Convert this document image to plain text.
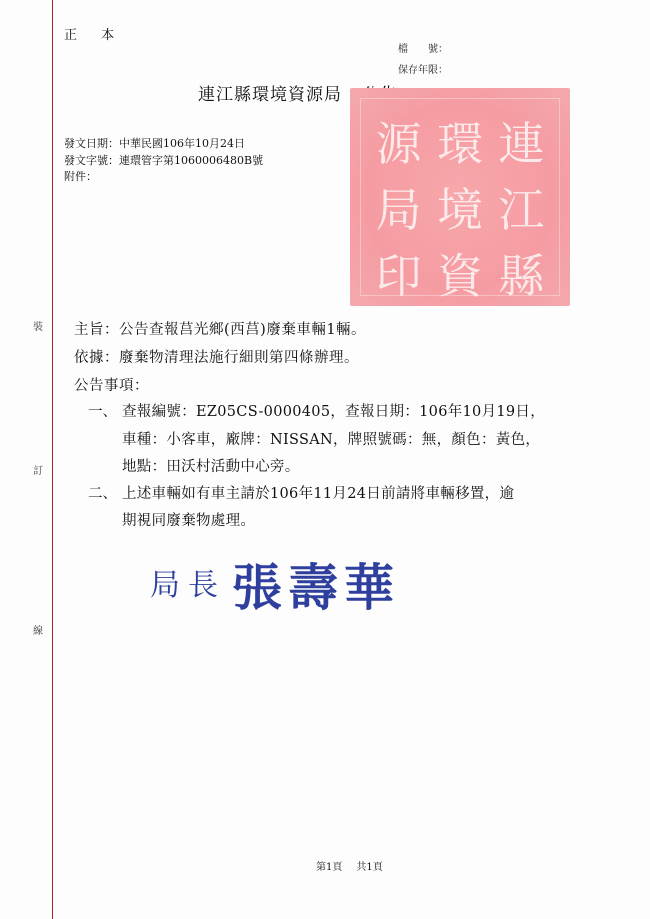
裝
訂
線
正 本
檔　　號：
保存年限：
連江縣環境資源局
發文日期：中華民國106年10月24日
發文字號：連環管字第1060006480B號
附件：
連
江
縣
環
境
資
源
局
印
主旨：公告查報莒光鄉(西莒)廢棄車輛1輛。
依據：廢棄物清理法施行細則第四條辦理。
公告事項：
一、 查報編號：EZ05CS-0000405，查報日期：106年10月19日，
車種：小客車，廠牌：NISSAN，牌照號碼：無，顏色：黃色，
地點：田沃村活動中心旁。
二、 上述車輛如有車主請於106年11月24日前請將車輛移置，逾
期視同廢棄物處理。
局長 張壽華
第1頁 共1頁
